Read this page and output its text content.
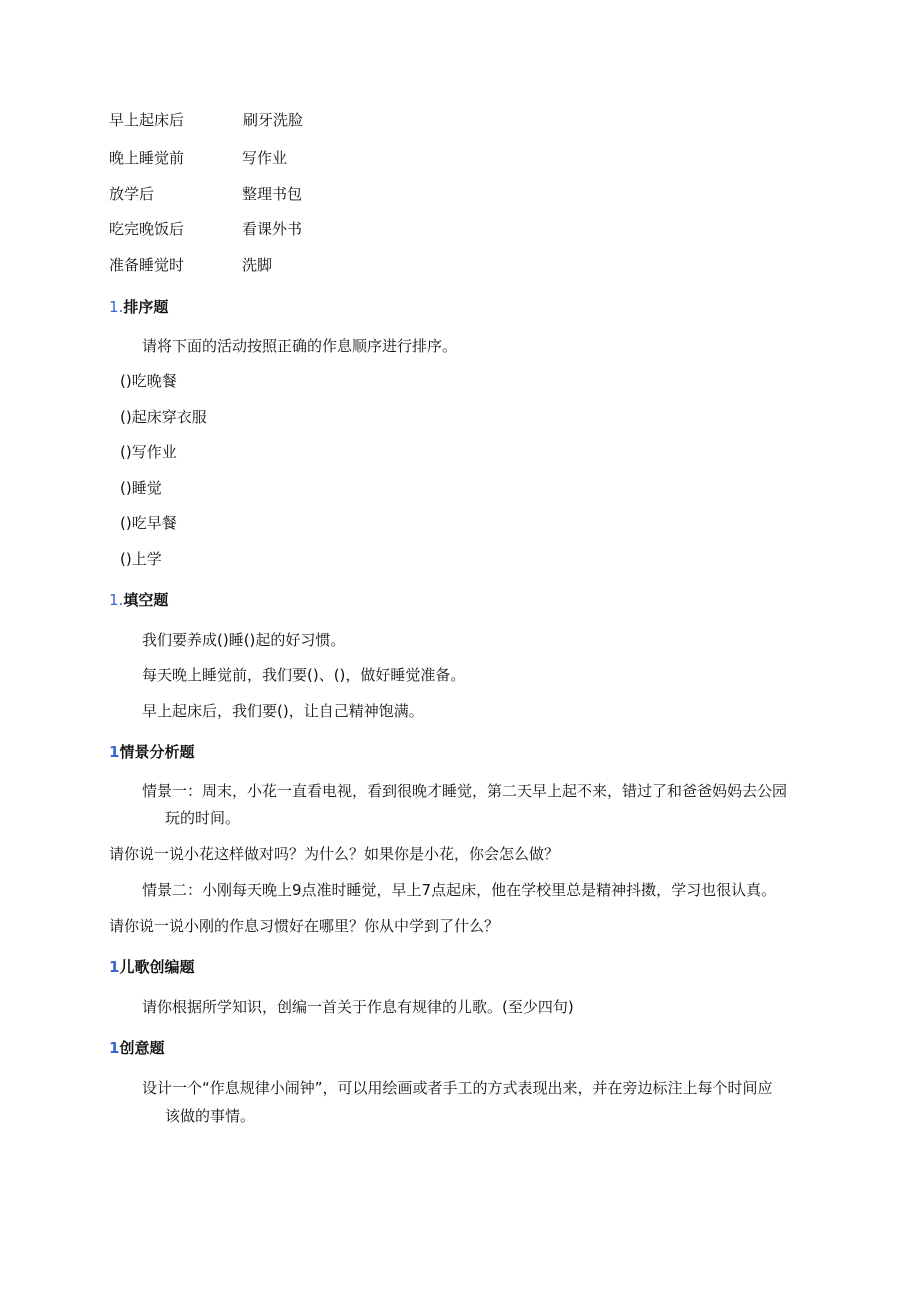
早上起床后	刷牙洗脸
晚上睡觉前	写作业
放学后	整理书包
吃完晚饭后	看课外书
准备睡觉时	洗脚
1.排序题
请将下面的活动按照正确的作息顺序进行排序。
()吃晚餐
()起床穿衣服
()写作业
()睡觉
()吃早餐
()上学
1.填空题
我们要养成()睡()起的好习惯。
每天晚上睡觉前，我们要()、()，做好睡觉准备。
早上起床后，我们要()，让自己精神饱满。
1情景分析题
情景一：周末，小花一直看电视，看到很晚才睡觉，第二天早上起不来，错过了和爸爸妈妈去公园
玩的时间。
请你说一说小花这样做对吗？为什么？如果你是小花，你会怎么做？
情景二：小刚每天晚上9点准时睡觉，早上7点起床，他在学校里总是精神抖擞，学习也很认真。
请你说一说小刚的作息习惯好在哪里？你从中学到了什么？
1儿歌创编题
请你根据所学知识，创编一首关于作息有规律的儿歌。(至少四句)
1创意题
设计一个“作息规律小闹钟”，可以用绘画或者手工的方式表现出来，并在旁边标注上每个时间应
该做的事情。
